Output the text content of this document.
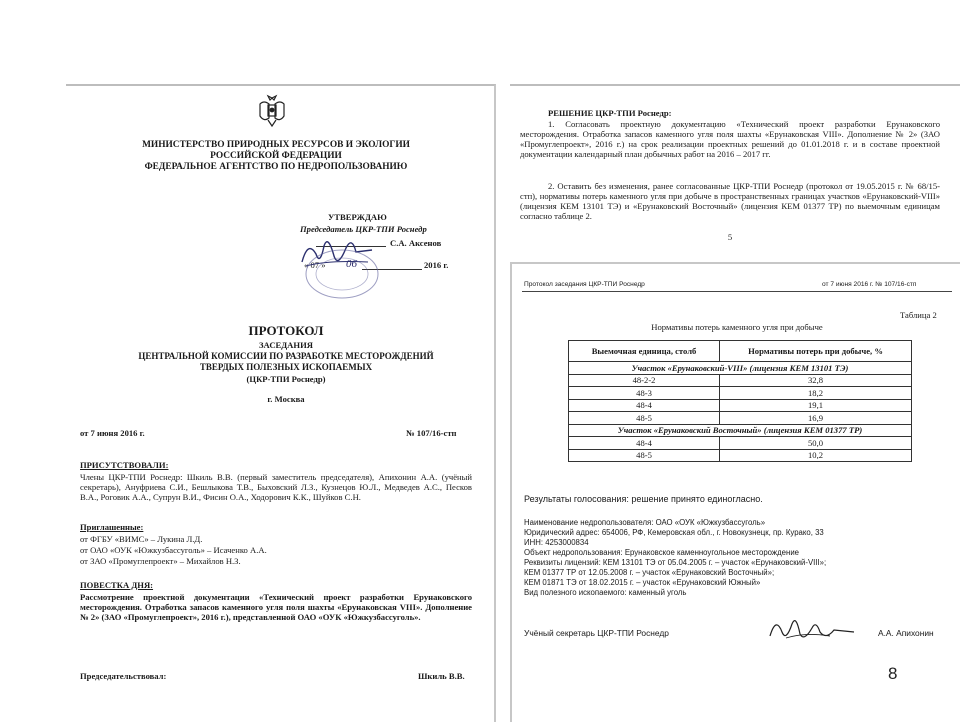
МИНИСТЕРСТВО ПРИРОДНЫХ РЕСУРСОВ И ЭКОЛОГИИ
РОССИЙСКОЙ ФЕДЕРАЦИИ
ФЕДЕРАЛЬНОЕ АГЕНТСТВО ПО НЕДРОПОЛЬЗОВАНИЮ
УТВЕРЖДАЮ
Председатель ЦКР-ТПИ Роснедр
С.А. Аксенов
« 07 » 06	2016 г.
ПРОТОКОЛ
ЗАСЕДАНИЯ
ЦЕНТРАЛЬНОЙ КОМИССИИ ПО РАЗРАБОТКЕ МЕСТОРОЖДЕНИЙ
ТВЕРДЫХ ПОЛЕЗНЫХ ИСКОПАЕМЫХ
(ЦКР-ТПИ Роснедр)
г. Москва
от 7 июня 2016 г.	№ 107/16-стп
ПРИСУТСТВОВАЛИ:
Члены ЦКР-ТПИ Роснедр: Шкиль В.В. (первый заместитель председателя), Апихонин А.А. (учёный секретарь), Ануфриева С.И., Бешлыкова Т.В., Быховский Л.З., Кузнецов Ю.Л., Медведев А.С., Песков В.А., Роговик А.А., Супрун В.И., Фисин О.А., Ходорович К.К., Шуйков С.Н.
Приглашенные:
от ФГБУ «ВИМС» – Лукина Л.Д.
от ОАО «ОУК «Южкузбассуголь» – Исаченко А.А.
от ЗАО «Промуглепроект» – Михайлов Н.З.
ПОВЕСТКА ДНЯ:
Рассмотрение проектной документации «Технический проект разработки Ерунаковского месторождения. Отработка запасов каменного угля поля шахты «Ерунаковская VIII». Дополнение № 2» (ЗАО «Промуглепроект», 2016 г.), представленной ОАО «ОУК «Южкузбассуголь».
Председательствовал:	Шкиль В.В.
РЕШЕНИЕ ЦКР-ТПИ Роснедр:
1. Согласовать проектную документацию «Технический проект разработки Ерунаковского месторождения. Отработка запасов каменного угля поля шахты «Ерунаковская VIII». Дополнение № 2» (ЗАО «Промуглепроект», 2016 г.) на срок реализации проектных решений до 01.01.2018 г. и в составе проектной документации календарный план добычных работ на 2016 – 2017 гг.
2. Оставить без изменения, ранее согласованные ЦКР-ТПИ Роснедр (протокол от 19.05.2015 г. № 68/15-стп), нормативы потерь каменного угля при добыче в пространственных границах участков «Ерунаковский-VIII» (лицензия КЕМ 13101 ТЭ) и «Ерунаковский Восточный» (лицензия КЕМ 01377 ТР) по выемочным единицам согласно таблице 2.
5
Протокол заседания ЦКР-ТПИ Роснедр	от 7 июня 2016 г. № 107/16-стп
Таблица 2
Нормативы потерь каменного угля при добыче
Выемочная единица, столб	Нормативы потерь при добыче, %
Участок «Ерунаковский-VIII» (лицензия КЕМ 13101 ТЭ)	
48-2-2	32,8
48-3	18,2
48-4	19,1
48-5	16,9
Участок «Ерунаковский Восточный» (лицензия КЕМ 01377 ТР)	
48-4	50,0
48-5	10,2
Результаты голосования: решение принято единогласно.
Наименование недропользователя: ОАО «ОУК «Южкузбассуголь»
Юридический адрес: 654006, РФ, Кемеровская обл., г. Новокузнецк, пр. Курако, 33
ИНН: 4253000834
Объект недропользования: Ерунаковское каменноугольное месторождение
Реквизиты лицензий: КЕМ 13101 ТЭ от 05.04.2005 г. – участок «Ерунаковский-VIII»;
КЕМ 01377 ТР от 12.05.2008 г. – участок «Ерунаковский Восточный»;
КЕМ 01871 ТЭ от 18.02.2015 г. – участок «Ерунаковский Южный»
Вид полезного ископаемого: каменный уголь
Учёный секретарь ЦКР-ТПИ Роснедр	А.А. Апихонин
8
